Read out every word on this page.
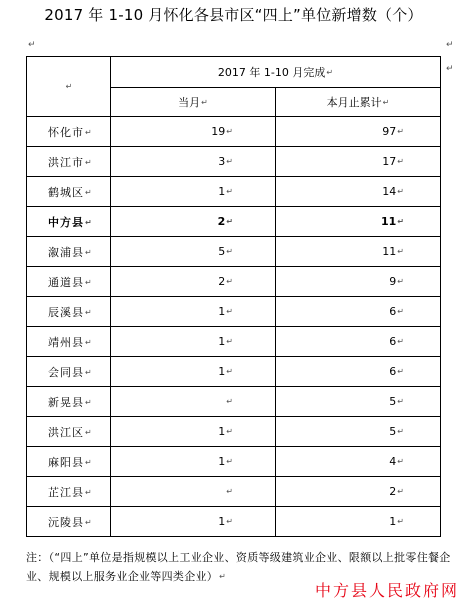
2017 年 1-10 月怀化各县市区“四上”单位新增数（个）
↵	↵
↵
↵	2017 年 1-10 月完成↵	

	当月↵	本月止累计↵

怀化市↵	19↵	97↵

洪江市↵	3↵	17↵

鹤城区↵	1↵	14↵

中方县↵	2↵	11↵

溆浦县↵	5↵	11↵

通道县↵	2↵	9↵

辰溪县↵	1↵	6↵

靖州县↵	1↵	6↵

会同县↵	1↵	6↵

新晃县↵	↵	5↵

洪江区↵	1↵	5↵

麻阳县↵	1↵	4↵

芷江县↵	↵	2↵

沅陵县↵	1↵	1↵
注：（“四上”单位是指规模以上工业企业、资质等级建筑业企业、限额以上批零住餐企业、规模以上服务业企业等四类企业）↵
中方县人民政府网
